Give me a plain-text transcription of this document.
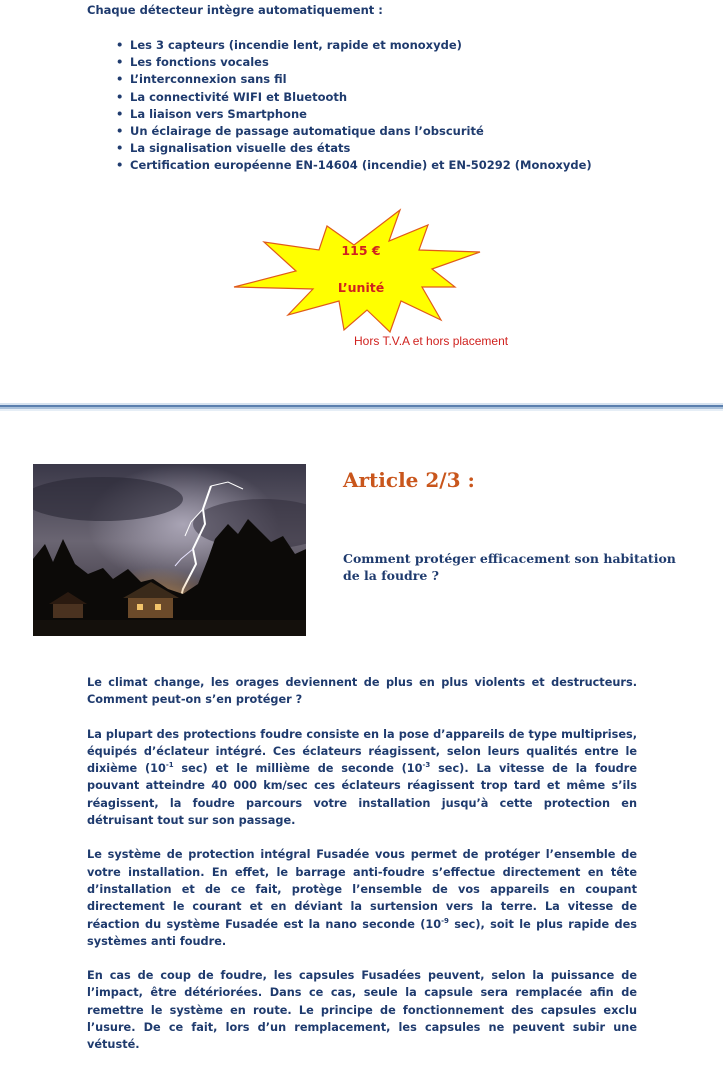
Chaque détecteur intègre automatiquement :

• Les 3 capteurs (incendie lent, rapide et monoxyde)
• Les fonctions vocales
• L’interconnexion sans fil
• La connectivité WIFI et Bluetooth
• La liaison vers Smartphone
• Un éclairage de passage automatique dans l’obscurité
• La signalisation visuelle des états
• Certification européenne EN-14604 (incendie) et EN-50292 (Monoxyde)
115 €
L’unité
Hors T.V.A et hors placement
Article 2/3 :
Comment protéger efficacement son habitation de la foudre ?

Le climat change, les orages deviennent de plus en plus violents et destructeurs. Comment peut-on s’en protéger ?

La plupart des protections foudre consiste en la pose d’appareils de type multiprises, équipés d’éclateur intégré. Ces éclateurs réagissent, selon leurs qualités entre le dixième ($10^{-1}$ sec) et le millième de seconde ($10^{-3}$ sec). La vitesse de la foudre pouvant atteindre 40 000 km/sec ces éclateurs réagissent trop tard et même s’ils réagissent, la foudre parcours votre installation jusqu’à cette protection en détruisant tout sur son passage.

Le système de protection intégral Fusadée vous permet de protéger l’ensemble de votre installation. En effet, le barrage anti-foudre s’effectue directement en tête d’installation et de ce fait, protège l’ensemble de vos appareils en coupant directement le courant et en déviant la surtension vers la terre. La vitesse de réaction du système Fusadée est la nano seconde ($10^{-9}$ sec), soit le plus rapide des systèmes anti foudre.

En cas de coup de foudre, les capsules Fusadées peuvent, selon la puissance de l’impact, être détériorées. Dans ce cas, seule la capsule sera remplacée afin de remettre le système en route. Le principe de fonctionnement des capsules exclu l’usure. De ce fait, lors d’un remplacement, les capsules ne peuvent subir une vétusté.
